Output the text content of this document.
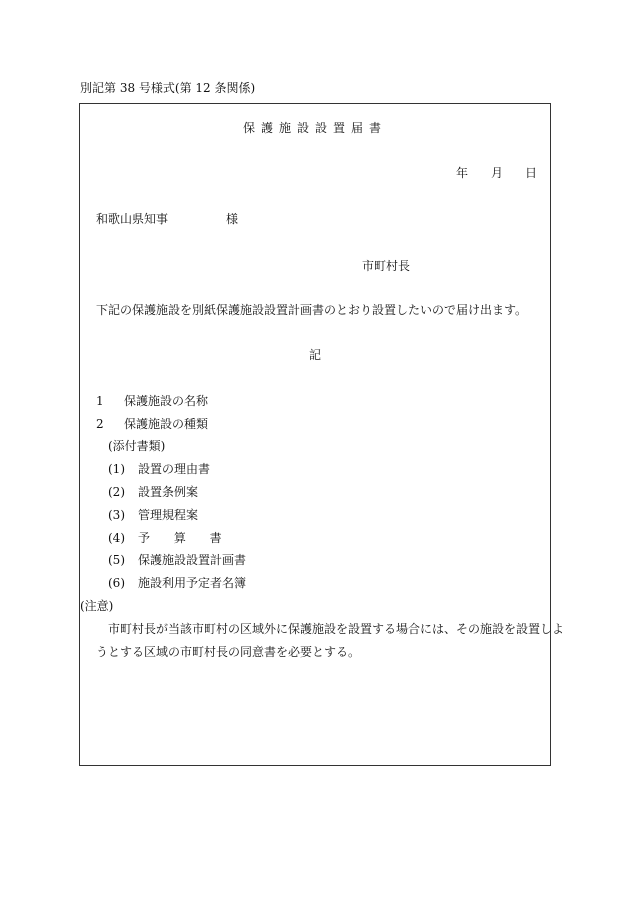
別記第 38 号様式(第 12 条関係)
保護施設設置届書
年 月 日
和歌山県知事	様
市町村長
下記の保護施設を別紙保護施設設置計画書のとおり設置したいので届け出ます。
記
1 保護施設の名称
2 保護施設の種類
(添付書類)
(1) 設置の理由書
(2) 設置条例案
(3) 管理規程案
(4) 予 算 書
(5) 保護施設設置計画書
(6) 施設利用予定者名簿
(注意)
市町村長が当該市町村の区域外に保護施設を設置する場合には、その施設を設置しよ
うとする区域の市町村長の同意書を必要とする。
